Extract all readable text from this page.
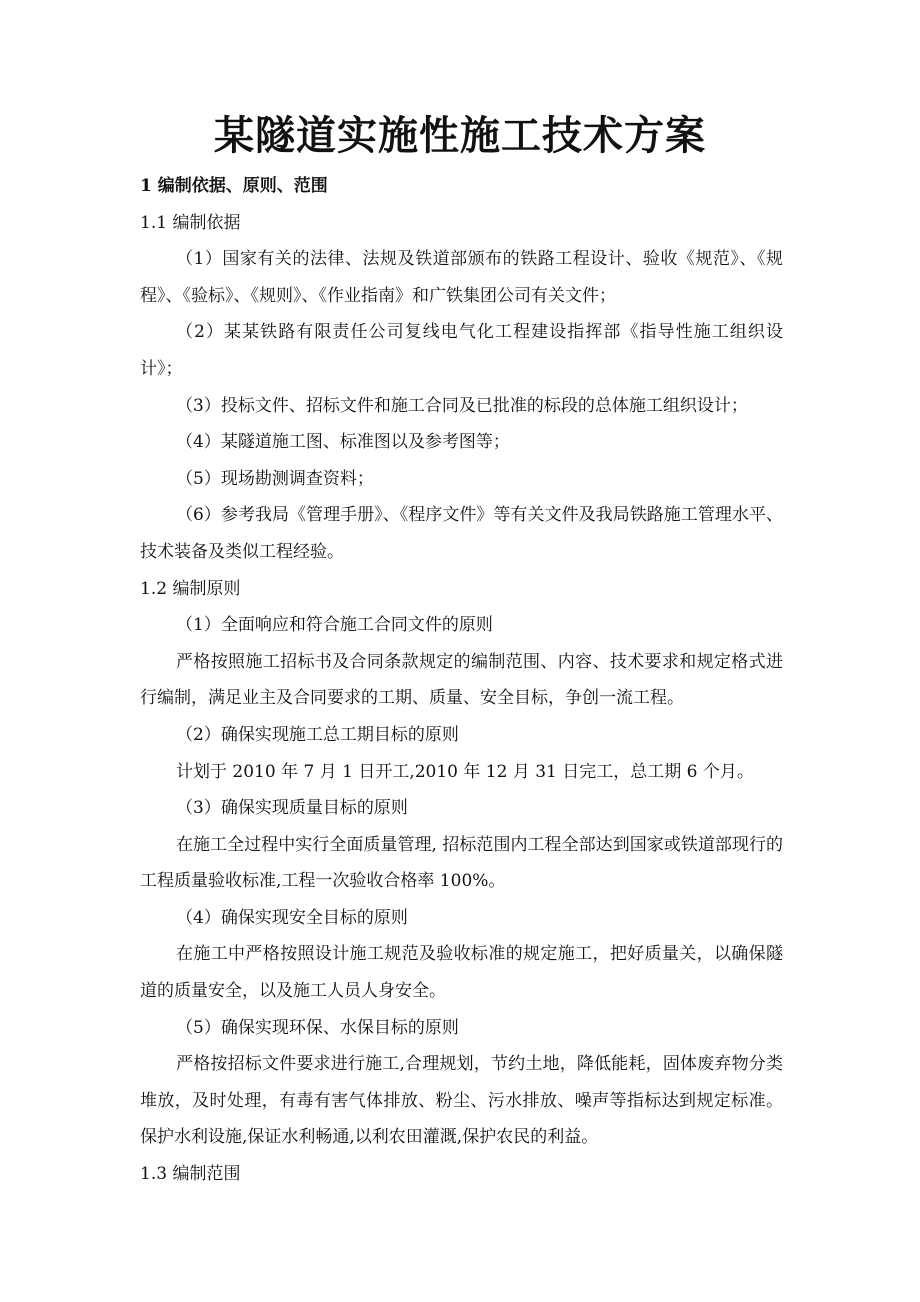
某隧道实施性施工技术方案

1 编制依据、原则、范围

1.1 编制依据

（1）国家有关的法律、法规及铁道部颁布的铁路工程设计、验收《规范》、《规程》、《验标》、《规则》、《作业指南》和广铁集团公司有关文件；

（2）某某铁路有限责任公司复线电气化工程建设指挥部《指导性施工组织设计》；

（3）投标文件、招标文件和施工合同及已批准的标段的总体施工组织设计；

（4）某隧道施工图、标准图以及参考图等；

（5）现场勘测调查资料；

（6）参考我局《管理手册》、《程序文件》等有关文件及我局铁路施工管理水平、技术装备及类似工程经验。

1.2 编制原则

（1）全面响应和符合施工合同文件的原则

严格按照施工招标书及合同条款规定的编制范围、内容、技术要求和规定格式进行编制，满足业主及合同要求的工期、质量、安全目标，争创一流工程。

（2）确保实现施工总工期目标的原则

计划于 2010 年 7 月 1 日开工,2010 年 12 月 31 日完工，总工期 6 个月。

（3）确保实现质量目标的原则

在施工全过程中实行全面质量管理, 招标范围内工程全部达到国家或铁道部现行的工程质量验收标准,工程一次验收合格率 100%。

（4）确保实现安全目标的原则

在施工中严格按照设计施工规范及验收标准的规定施工，把好质量关，以确保隧道的质量安全，以及施工人员人身安全。

（5）确保实现环保、水保目标的原则

严格按招标文件要求进行施工,合理规划，节约土地，降低能耗，固体废弃物分类堆放，及时处理，有毒有害气体排放、粉尘、污水排放、噪声等指标达到规定标准。保护水利设施,保证水利畅通,以利农田灌溉,保护农民的利益。

1.3 编制范围
